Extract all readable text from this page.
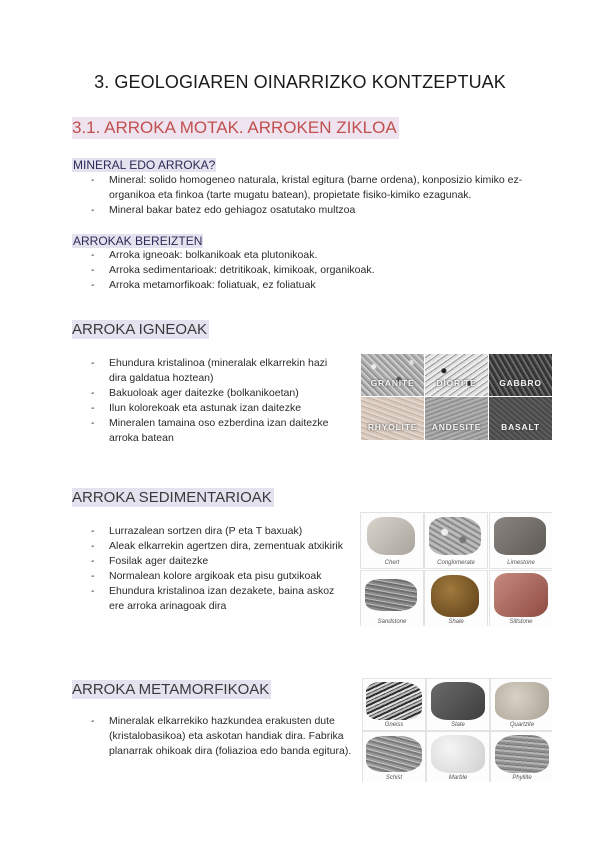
3. GEOLOGIAREN OINARRIZKO KONTZEPTUAK
3.1. ARROKA MOTAK. ARROKEN ZIKLOA
MINERAL EDO ARROKA?
- Mineral: solido homogeneo naturala, kristal egitura (barne ordena), konposizio kimiko ez-organikoa eta finkoa (tarte mugatu batean), propietate fisiko-kimiko ezagunak.
- Mineral bakar batez edo gehiagoz osatutako multzoa
ARROKAK BEREIZTEN
- Arroka igneoak: bolkanikoak eta plutonikoak.
- Arroka sedimentarioak: detritikoak, kimikoak, organikoak.
- Arroka metamorfikoak: foliatuak, ez foliatuak
ARROKA IGNEOAK
- Ehundura kristalinoa (mineralak elkarrekin hazi dira galdatua hoztean)
- Bakuoloak ager daitezke (bolkanikoetan)
- Ilun kolorekoak eta astunak izan daitezke
- Mineralen tamaina oso ezberdina izan daitezke arroka batean
GRANITE	DIORITE	GABBRO
RHYOLITE	ANDESITE	BASALT
ARROKA SEDIMENTARIOAK
- Lurrazalean sortzen dira (P eta T baxuak)
- Aleak elkarrekin agertzen dira, zementuak atxikirik
- Fosilak ager daitezke
- Normalean kolore argikoak eta pisu gutxikoak
- Ehundura kristalinoa izan dezakete, baina askoz ere arroka arinagoak dira
Chert	Conglomerate	Limestone
Sandstone	Shale	Siltstone
ARROKA METAMORFIKOAK
- Mineralak elkarrekiko hazkundea erakusten dute (kristalobasikoa) eta askotan handiak dira. Fabrika planarrak ohikoak dira (foliazioa edo banda egitura).
Gneiss	Slate	Quartzite
Schist	Marble	Phyllite
